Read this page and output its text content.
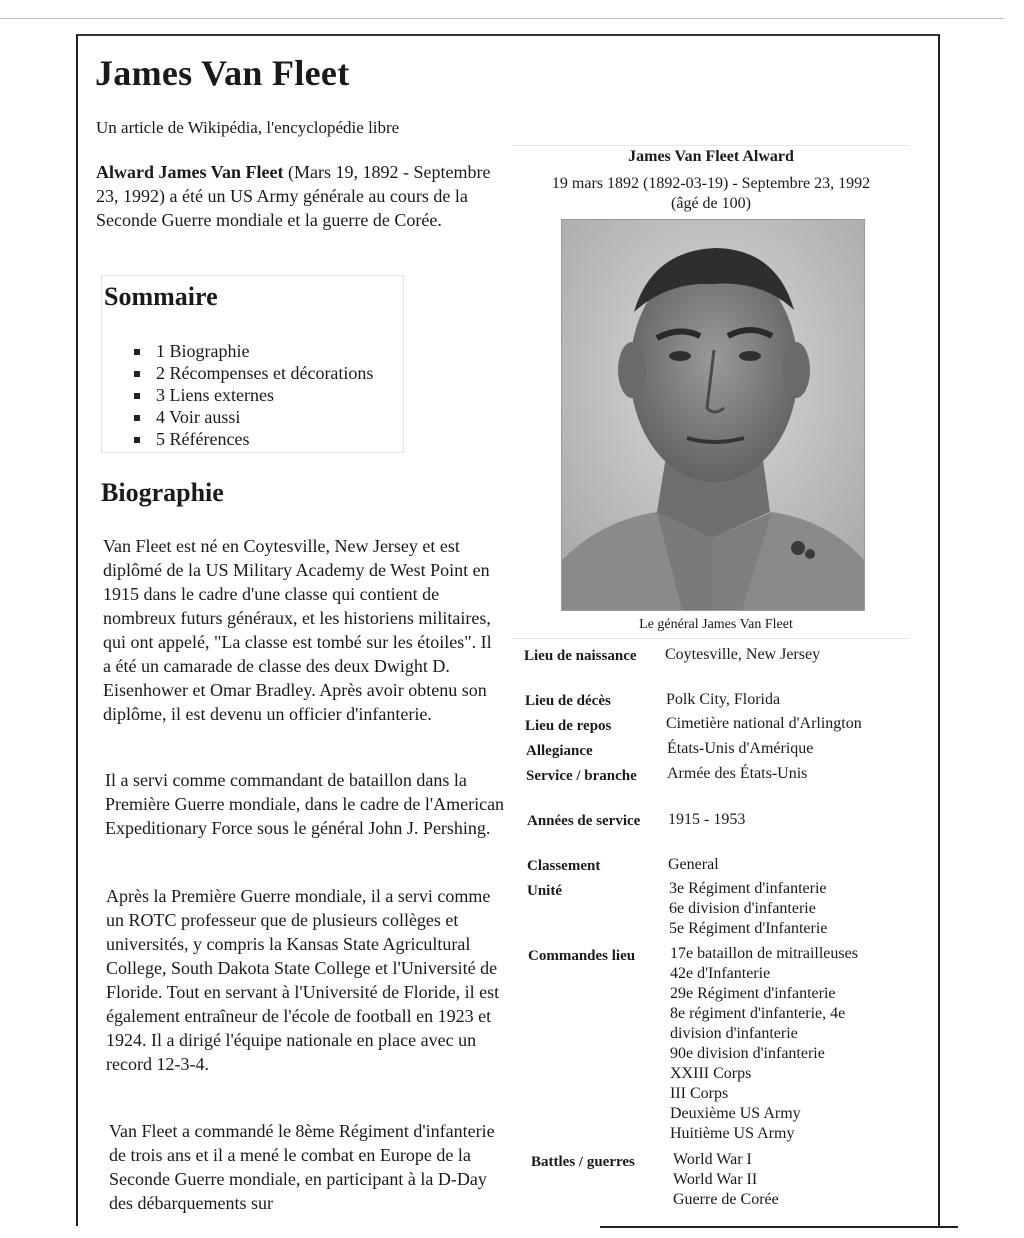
James Van Fleet
Un article de Wikipédia, l'encyclopédie libre
Alward James Van Fleet (Mars 19, 1892 - Septembre 23, 1992) a été un US Army générale au cours de la Seconde Guerre mondiale et la guerre de Corée.
Sommaire
1 Biographie
2 Récompenses et décorations
3 Liens externes
4 Voir aussi
5 Références
Biographie
Van Fleet est né en Coytesville, New Jersey et est diplômé de la US Military Academy de West Point en 1915 dans le cadre d'une classe qui contient de nombreux futurs généraux, et les historiens militaires, qui ont appelé, "La classe est tombé sur les étoiles". Il a été un camarade de classe des deux Dwight D. Eisenhower et Omar Bradley. Après avoir obtenu son diplôme, il est devenu un officier d'infanterie.
Il a servi comme commandant de bataillon dans la Première Guerre mondiale, dans le cadre de l'American Expeditionary Force sous le général John J. Pershing.
Après la Première Guerre mondiale, il a servi comme un ROTC professeur que de plusieurs collèges et universités, y compris la Kansas State Agricultural College, South Dakota State College et l'Université de Floride. Tout en servant à l'Université de Floride, il est également entraîneur de l'école de football en 1923 et 1924. Il a dirigé l'équipe nationale en place avec un record 12-3-4.
Van Fleet a commandé le 8ème Régiment d'infanterie de trois ans et il a mené le combat en Europe de la Seconde Guerre mondiale, en participant à la D-Day des débarquements sur
James Van Fleet Alward
19 mars 1892 (1892-03-19) - Septembre 23, 1992
(âgé de 100)
Le général James Van Fleet
Lieu de naissance	Coytesville, New Jersey
Lieu de décès	Polk City, Florida
Lieu de repos	Cimetière national d'Arlington
Allegiance	États-Unis d'Amérique
Service / branche	Armée des États-Unis
Années de service	1915 - 1953
Classement	General
Unité	3e Régiment d'infanterie
6e division d'infanterie
5e Régiment d'Infanterie
Commandes lieu	17e bataillon de mitrailleuses
42e d'Infanterie
29e Régiment d'infanterie
8e régiment d'infanterie, 4e division d'infanterie
90e division d'infanterie
XXIII Corps
III Corps
Deuxième US Army
Huitième US Army
Battles / guerres	World War I
World War II
Guerre de Corée
